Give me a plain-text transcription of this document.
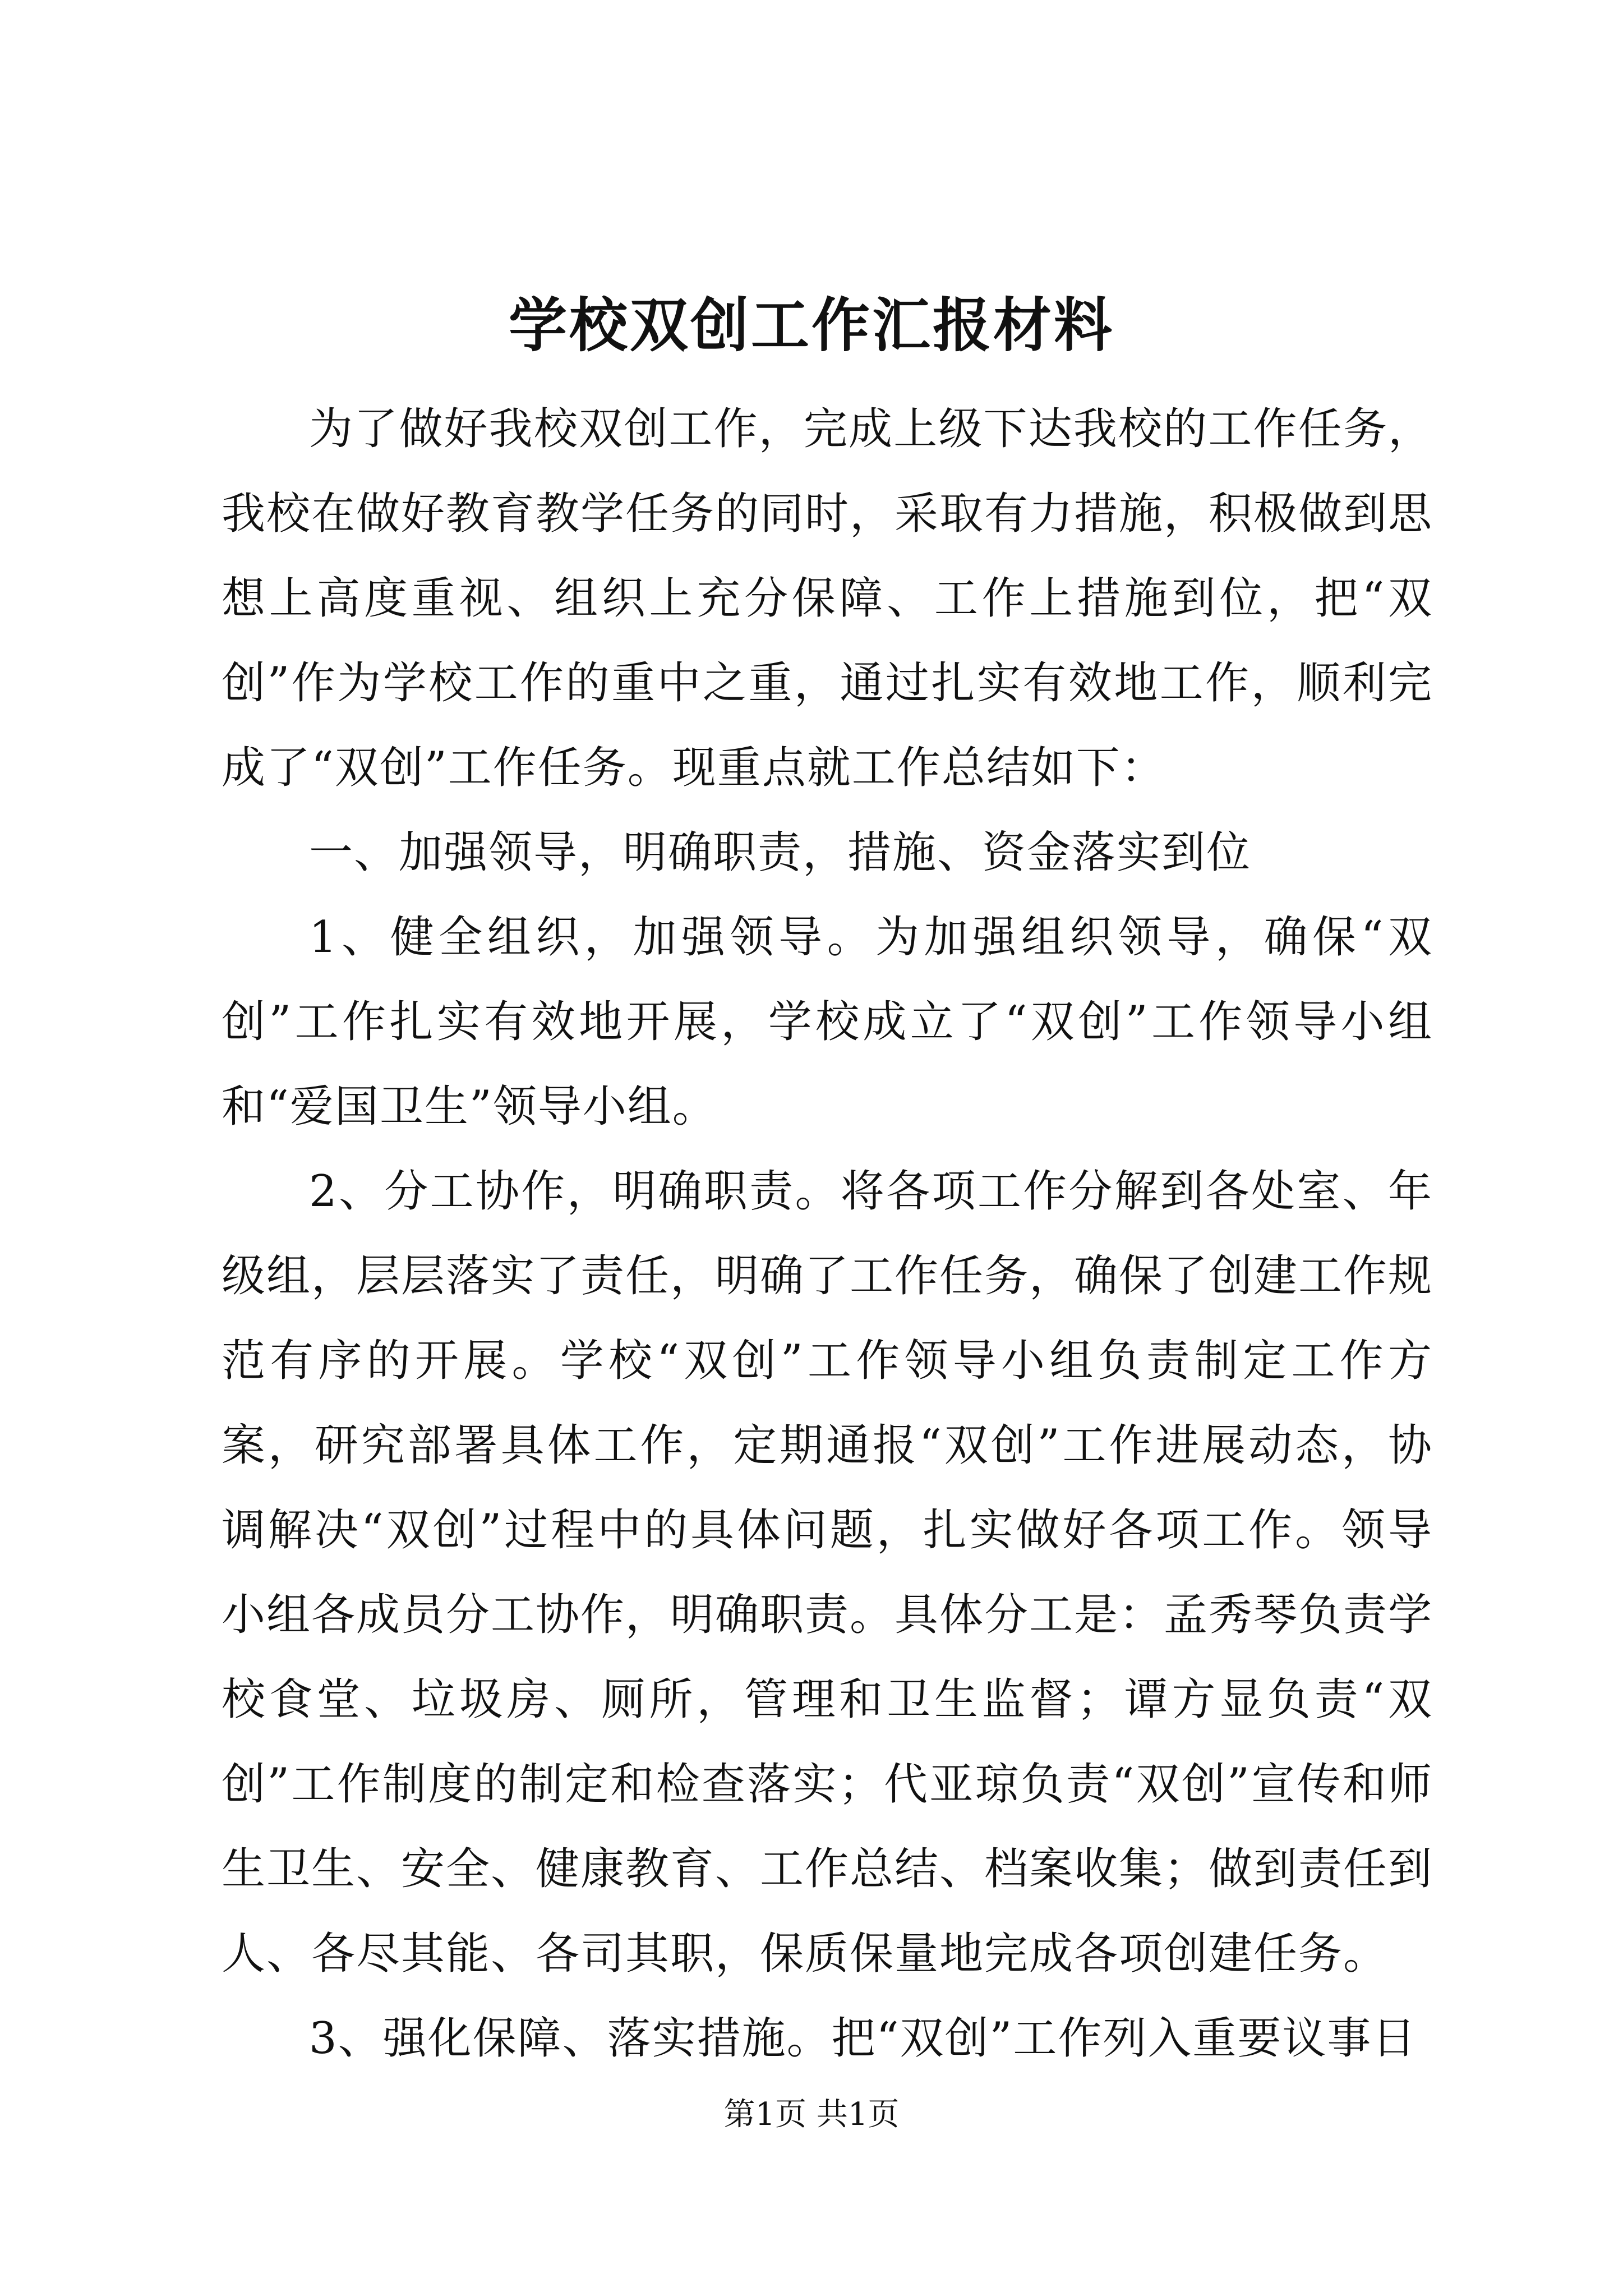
学校双创工作汇报材料

为了做好我校双创工作，完成上级下达我校的工作任务，我校在做好教育教学任务的同时，采取有力措施，积极做到思想上高度重视、组织上充分保障、工作上措施到位，把“双创”作为学校工作的重中之重，通过扎实有效地工作，顺利完成了“双创”工作任务。现重点就工作总结如下：

一、加强领导，明确职责，措施、资金落实到位

1、健全组织，加强领导。为加强组织领导，确保“双创”工作扎实有效地开展，学校成立了“双创”工作领导小组和“爱国卫生”领导小组。

2、分工协作，明确职责。将各项工作分解到各处室、年级组，层层落实了责任，明确了工作任务，确保了创建工作规范有序的开展。学校“双创”工作领导小组负责制定工作方案，研究部署具体工作，定期通报“双创”工作进展动态，协调解决“双创”过程中的具体问题，扎实做好各项工作。领导小组各成员分工协作，明确职责。具体分工是：孟秀琴负责学校食堂、垃圾房、厕所，管理和卫生监督；谭方显负责“双创”工作制度的制定和检查落实；代亚琼负责“双创”宣传和师生卫生、安全、健康教育、工作总结、档案收集；做到责任到人、各尽其能、各司其职，保质保量地完成各项创建任务。

3、强化保障、落实措施。把“双创”工作列入重要议事日

第1页 共1页
